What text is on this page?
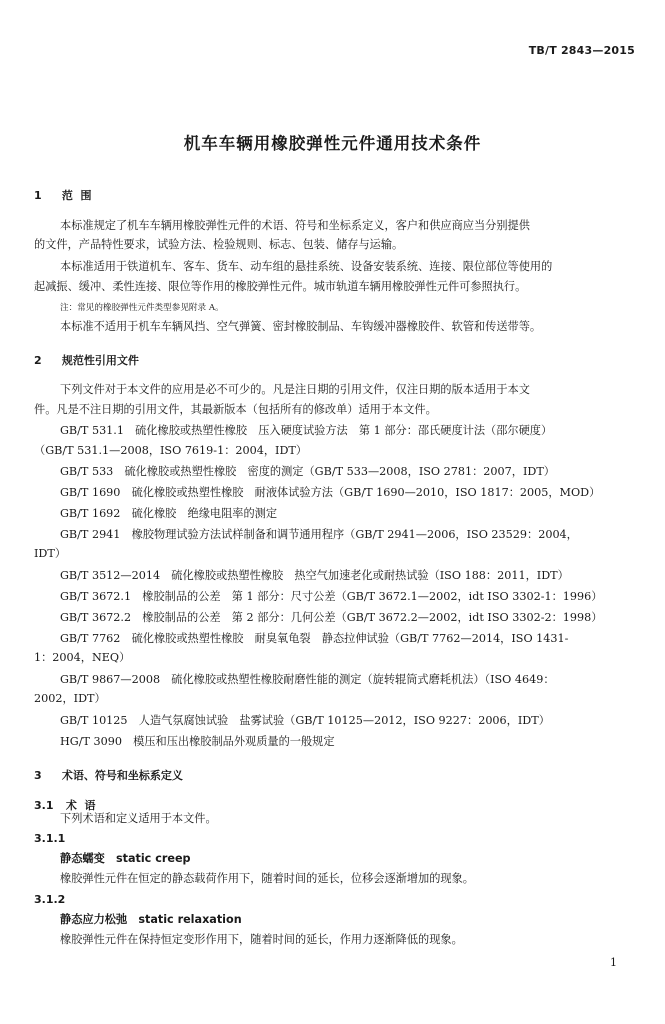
TB/T 2843—2015
机车车辆用橡胶弹性元件通用技术条件
1 范  围
本标准规定了机车车辆用橡胶弹性元件的术语、符号和坐标系定义，客户和供应商应当分别提供
的文件，产品特性要求，试验方法、检验规则、标志、包装、储存与运输。
本标准适用于铁道机车、客车、货车、动车组的悬挂系统、设备安装系统、连接、限位部位等使用的
起减振、缓冲、柔性连接、限位等作用的橡胶弹性元件。城市轨道车辆用橡胶弹性元件可参照执行。
注：常见的橡胶弹性元件类型参见附录 A。
本标准不适用于机车车辆风挡、空气弹簧、密封橡胶制品、车钩缓冲器橡胶件、软管和传送带等。
2 规范性引用文件
下列文件对于本文件的应用是必不可少的。凡是注日期的引用文件，仅注日期的版本适用于本文
件。凡是不注日期的引用文件，其最新版本（包括所有的修改单）适用于本文件。
GB/T 531.1　硫化橡胶或热塑性橡胶　压入硬度试验方法　第 1 部分：邵氏硬度计法（邵尔硬度）
（GB/T 531.1—2008，ISO 7619-1：2004，IDT）
GB/T 533　硫化橡胶或热塑性橡胶　密度的测定（GB/T 533—2008，ISO 2781：2007，IDT）
GB/T 1690　硫化橡胶或热塑性橡胶　耐液体试验方法（GB/T 1690—2010，ISO 1817：2005，MOD）
GB/T 1692　硫化橡胶　绝缘电阻率的测定
GB/T 2941　橡胶物理试验方法试样制备和调节通用程序（GB/T 2941—2006，ISO 23529：2004，
IDT）
GB/T 3512—2014　硫化橡胶或热塑性橡胶　热空气加速老化或耐热试验（ISO 188：2011，IDT）
GB/T 3672.1　橡胶制品的公差　第 1 部分：尺寸公差（GB/T 3672.1—2002，idt ISO 3302-1：1996）
GB/T 3672.2　橡胶制品的公差　第 2 部分：几何公差（GB/T 3672.2—2002，idt ISO 3302-2：1998）
GB/T 7762　硫化橡胶或热塑性橡胶　耐臭氧龟裂　静态拉伸试验（GB/T 7762—2014，ISO 1431-
1：2004，NEQ）
GB/T 9867—2008　硫化橡胶或热塑性橡胶耐磨性能的测定（旋转辊筒式磨耗机法）（ISO 4649：
2002，IDT）
GB/T 10125　人造气氛腐蚀试验　盐雾试验（GB/T 10125—2012，ISO 9227：2006，IDT）
HG/T 3090　模压和压出橡胶制品外观质量的一般规定
3 术语、符号和坐标系定义
3.1 术  语
下列术语和定义适用于本文件。
3.1.1
静态蠕变　static creep
橡胶弹性元件在恒定的静态载荷作用下，随着时间的延长，位移会逐渐增加的现象。
3.1.2
静态应力松弛　static relaxation
橡胶弹性元件在保持恒定变形作用下，随着时间的延长，作用力逐渐降低的现象。
1
